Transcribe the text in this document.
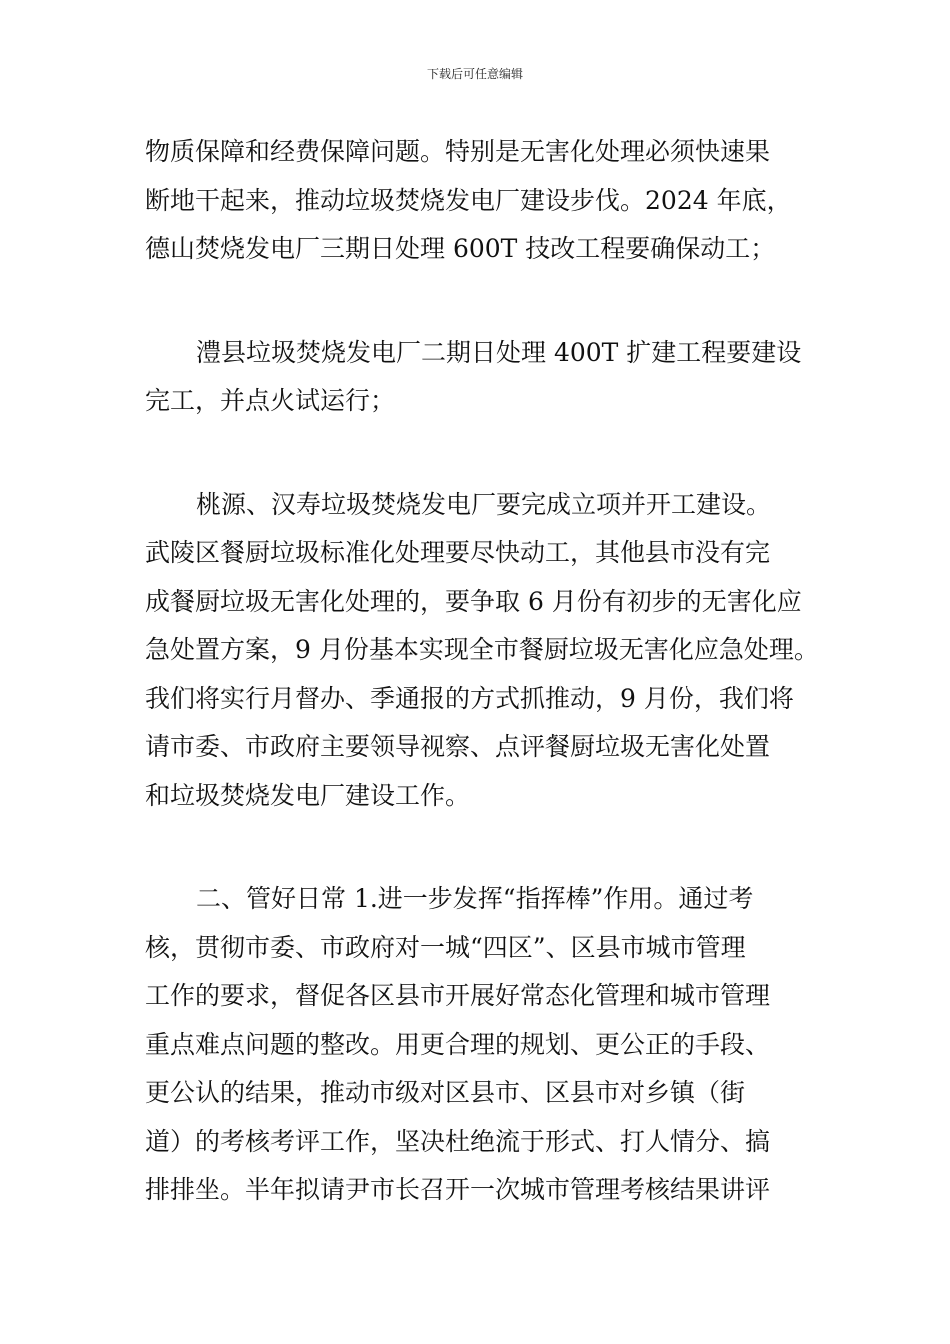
下载后可任意编辑
物质保障和经费保障问题。特别是无害化处理必须快速果
断地干起来，推动垃圾焚烧发电厂建设步伐。2024 年底，
德山焚烧发电厂三期日处理 600T 技改工程要确保动工；
澧县垃圾焚烧发电厂二期日处理 400T 扩建工程要建设
完工，并点火试运行；
桃源、汉寿垃圾焚烧发电厂要完成立项并开工建设。
武陵区餐厨垃圾标准化处理要尽快动工，其他县市没有完
成餐厨垃圾无害化处理的，要争取 6 月份有初步的无害化应
急处置方案，9 月份基本实现全市餐厨垃圾无害化应急处理。
我们将实行月督办、季通报的方式抓推动，9 月份，我们将
请市委、市政府主要领导视察、点评餐厨垃圾无害化处置
和垃圾焚烧发电厂建设工作。
二、管好日常 1.进一步发挥“指挥棒”作用。通过考
核，贯彻市委、市政府对一城“四区”、区县市城市管理
工作的要求，督促各区县市开展好常态化管理和城市管理
重点难点问题的整改。用更合理的规划、更公正的手段、
更公认的结果，推动市级对区县市、区县市对乡镇（街
道）的考核考评工作，坚决杜绝流于形式、打人情分、搞
排排坐。半年拟请尹市长召开一次城市管理考核结果讲评
